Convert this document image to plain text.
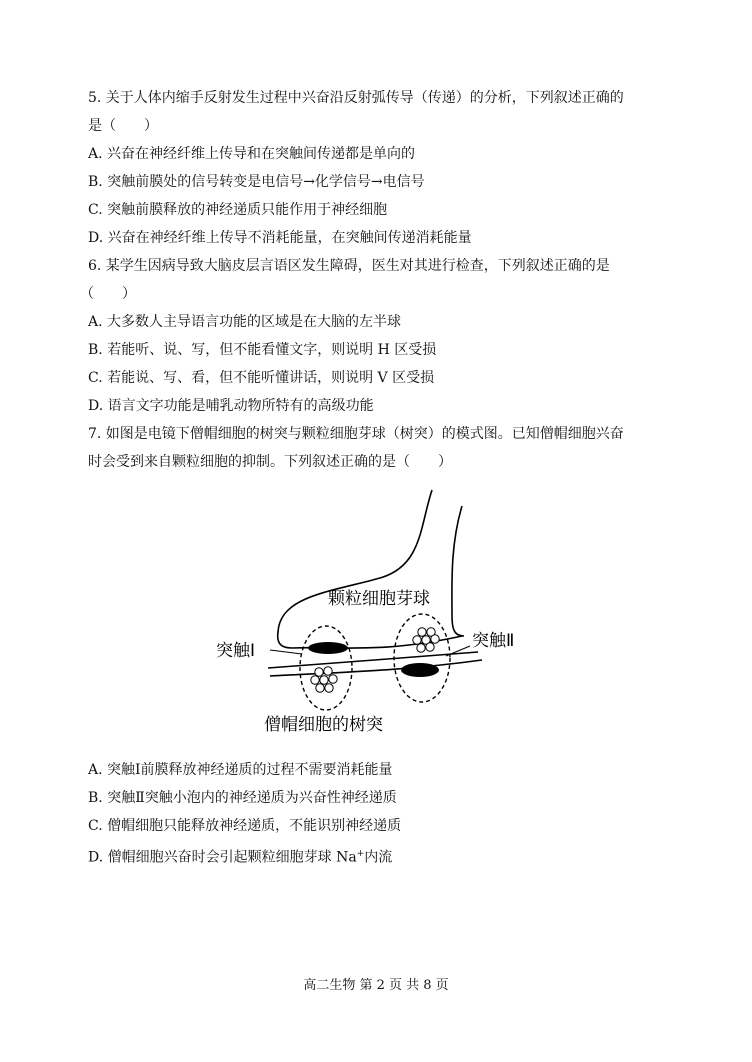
5. 关于人体内缩手反射发生过程中兴奋沿反射弧传导（传递）的分析，下列叙述正确的
是（　　）
A. 兴奋在神经纤维上传导和在突触间传递都是单向的
B. 突触前膜处的信号转变是电信号→化学信号→电信号
C. 突触前膜释放的神经递质只能作用于神经细胞
D. 兴奋在神经纤维上传导不消耗能量，在突触间传递消耗能量
6. 某学生因病导致大脑皮层言语区发生障碍，医生对其进行检查，下列叙述正确的是
（　　）
A. 大多数人主导语言功能的区域是在大脑的左半球
B. 若能听、说、写，但不能看懂文字，则说明 H 区受损
C. 若能说、写、看，但不能听懂讲话，则说明 V 区受损
D. 语言文字功能是哺乳动物所特有的高级功能
7. 如图是电镜下僧帽细胞的树突与颗粒细胞芽球（树突）的模式图。已知僧帽细胞兴奋
时会受到来自颗粒细胞的抑制。下列叙述正确的是（　　）
颗粒细胞芽球
突触Ⅰ	突触Ⅱ
僧帽细胞的树突
A. 突触Ⅰ前膜释放神经递质的过程不需要消耗能量
B. 突触Ⅱ突触小泡内的神经递质为兴奋性神经递质
C. 僧帽细胞只能释放神经递质，不能识别神经递质
D. 僧帽细胞兴奋时会引起颗粒细胞芽球 Na+内流
高二生物 第 2 页 共 8 页
